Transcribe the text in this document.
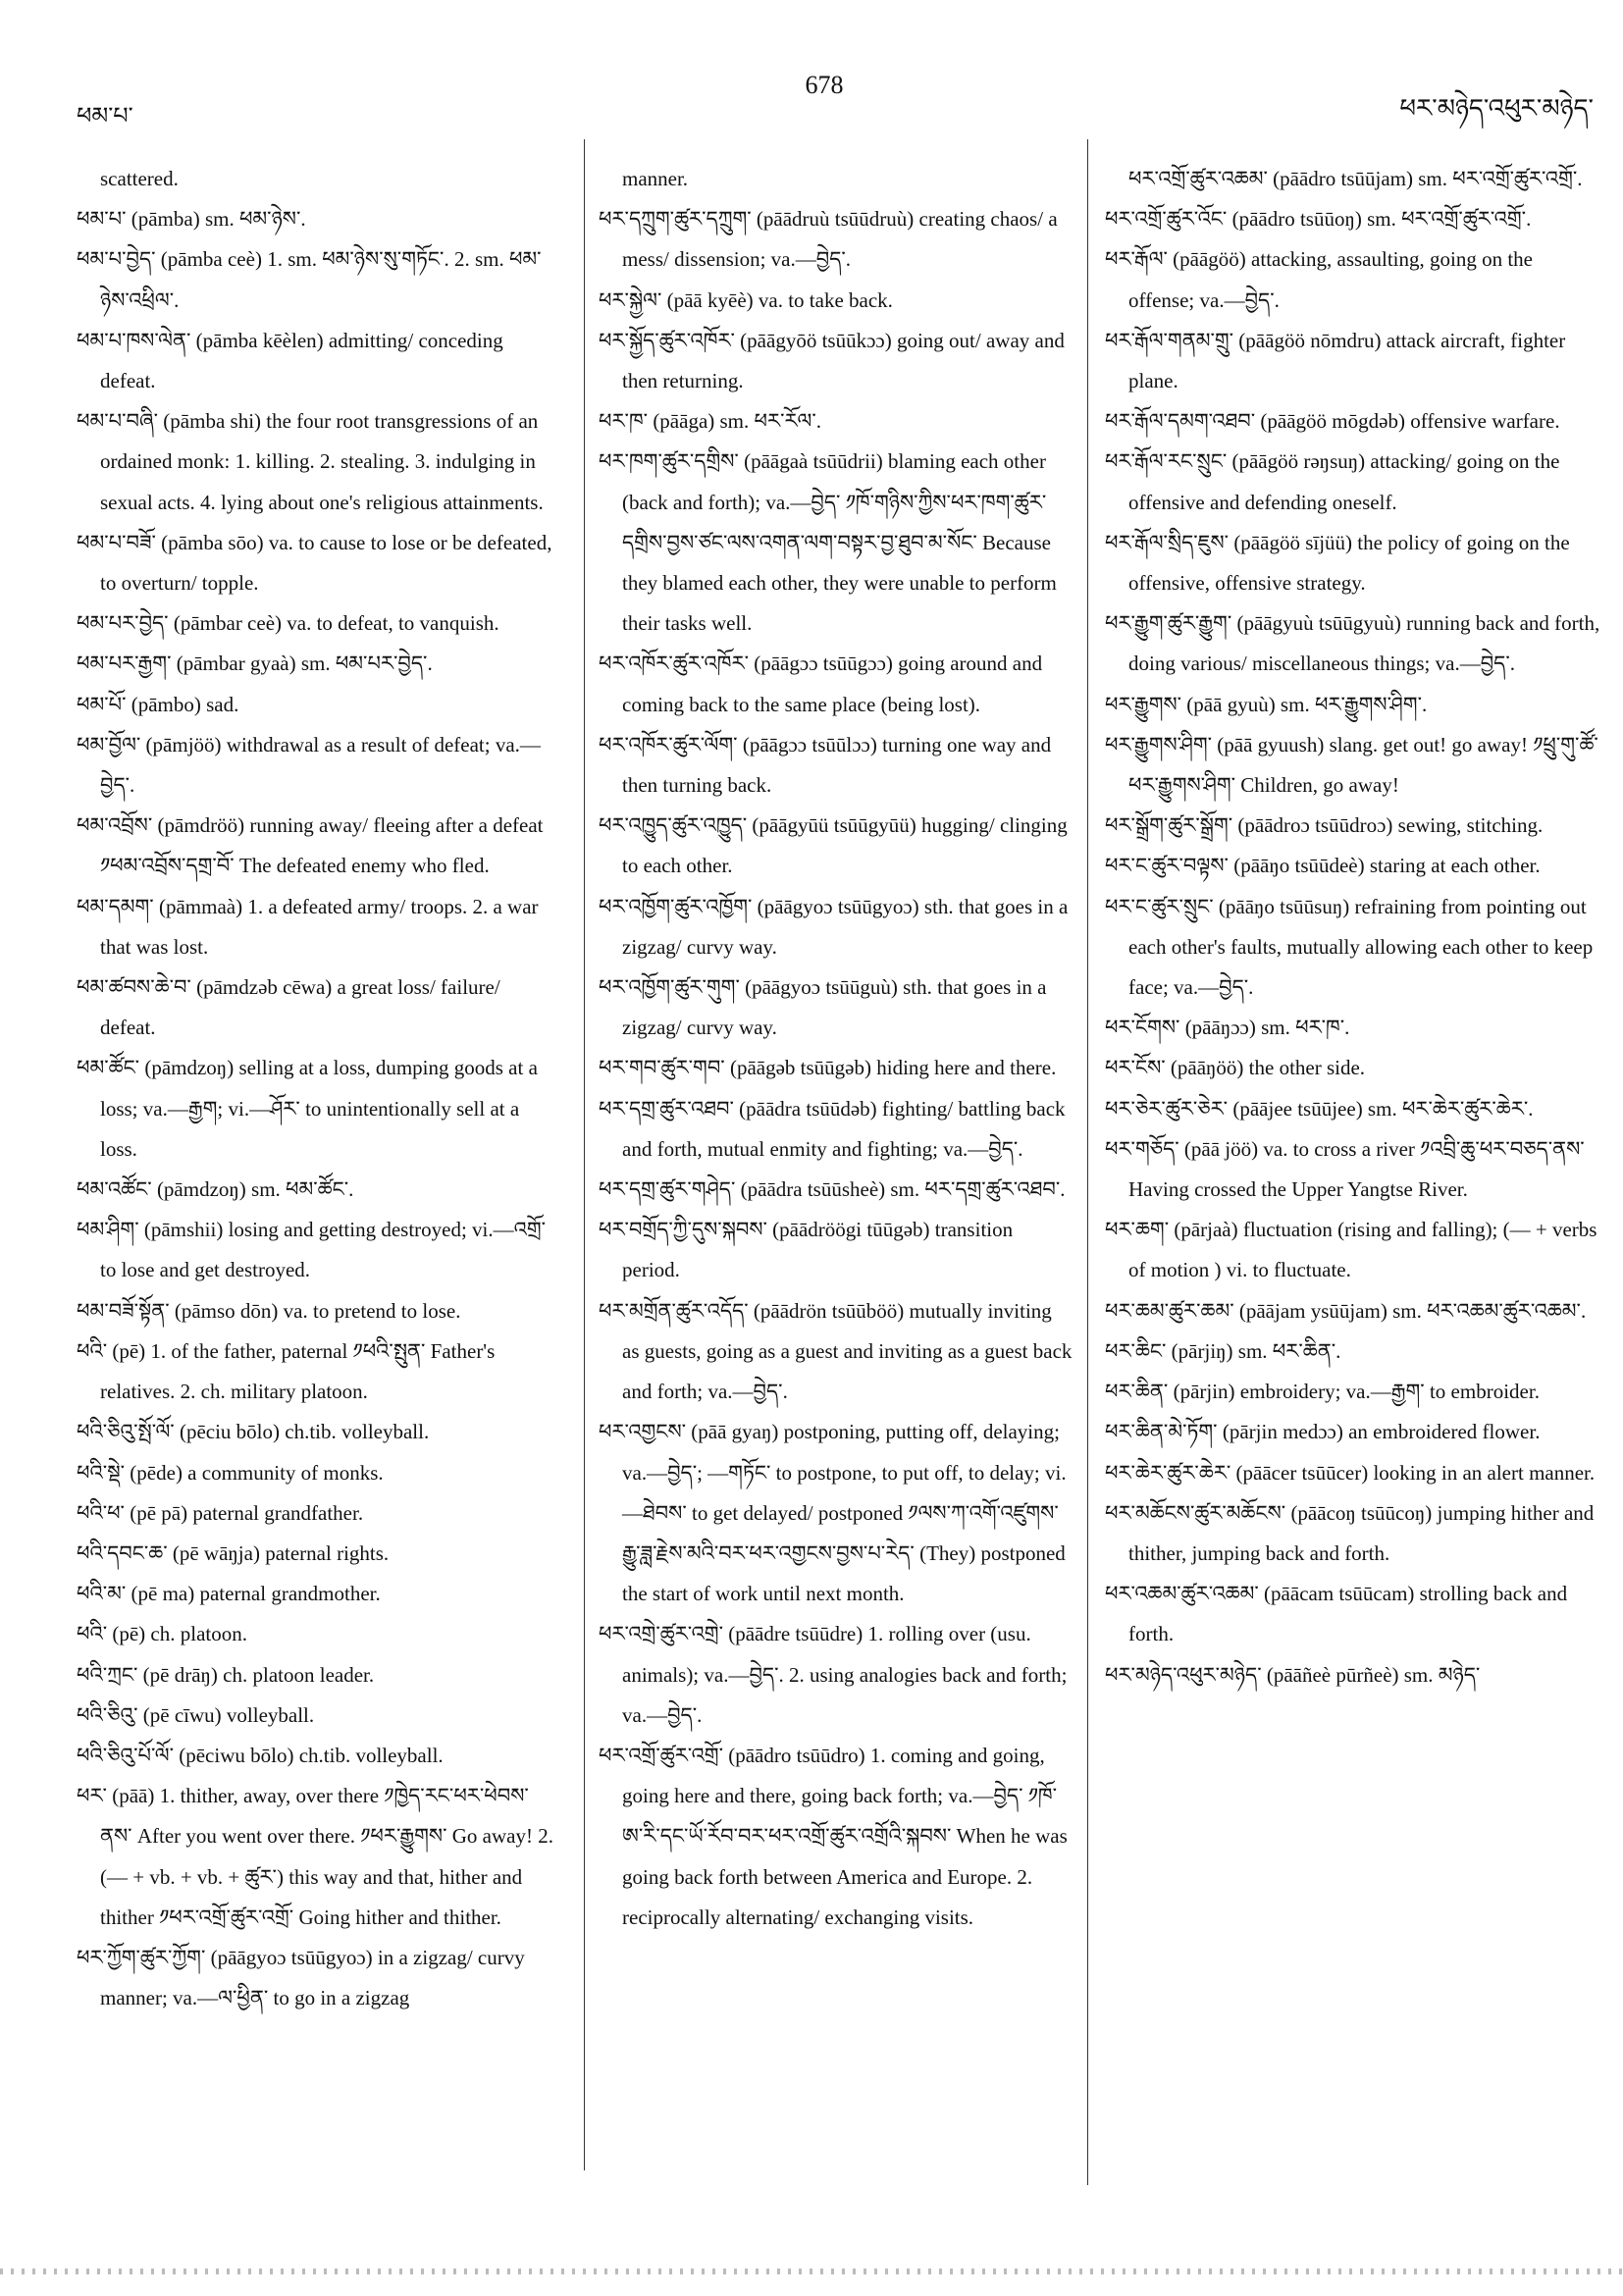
ཕམ་པ་
678
ཕར་མཉེད་འཕུར་མཉེད་

scattered.

ཕམ་པ་ (pāmba) sm. ཕམ་ཉེས་.

ཕམ་པ་བྱེད་ (pāmba ceè) 1. sm. ཕམ་ཉེས་སུ་གཏོང་. 2. sm. ཕམ་ཉེས་འཕྲིལ་.

ཕམ་པ་ཁས་ལེན་ (pāmba kēèlen) admitting/ conceding defeat.

ཕམ་པ་བཞི་ (pāmba shi) the four root transgressions of an ordained monk: 1. killing. 2. stealing. 3. indulging in sexual acts. 4. lying about one's religious attainments.

ཕམ་པ་བཟོ་ (pāmba sōo) va. to cause to lose or be defeated, to overturn/ topple.

ཕམ་པར་བྱེད་ (pāmbar ceè) va. to defeat, to vanquish.

ཕམ་པར་རྒྱག་ (pāmbar gyaà) sm. ཕམ་པར་བྱེད་.

ཕམ་པོ་ (pāmbo) sad.

ཕམ་བྱོལ་ (pāmjöö) withdrawal as a result of defeat; va.—བྱེད་.

ཕམ་འབྲོས་ (pāmdröö) running away/ fleeing after a defeat ༡ཕམ་འབྲོས་དགྲ་བོ་ The defeated enemy who fled.

ཕམ་དམག་ (pāmmaà) 1. a defeated army/ troops. 2. a war that was lost.

ཕམ་ཚབས་ཆེ་བ་ (pāmdzəb cēwa) a great loss/ failure/ defeat.

ཕམ་ཚོང་ (pāmdzoŋ) selling at a loss, dumping goods at a loss; va.—རྒྱག; vi.—ཤོར་ to unintentionally sell at a loss.

ཕམ་འཚོང་ (pāmdzoŋ) sm. ཕམ་ཚོང་.

ཕམ་ཤིག་ (pāmshii) losing and getting destroyed; vi.—འགྲོ་ to lose and get destroyed.

ཕམ་བཟོ་སྟོན་ (pāmso dōn) va. to pretend to lose.

ཕའི་ (pē) 1. of the father, paternal ༡ཕའི་སྤུན་ Father's relatives. 2. ch. military platoon.

ཕའི་ཅིའུ་སྤོ་ལོ་ (pēciu bōlo) ch.tib. volleyball.

ཕའི་སྡེ་ (pēde) a community of monks.

ཕའི་ཕ་ (pē pā) paternal grandfather.

ཕའི་དབང་ཆ་ (pē wāŋja) paternal rights.

ཕའི་མ་ (pē ma) paternal grandmother.

ཕའི་ (pē) ch. platoon.

ཕའི་ཀྲང་ (pē drāŋ) ch. platoon leader.

ཕའི་ཅིའུ་ (pē cīwu) volleyball.

ཕའི་ཅིའུ་པོ་ལོ་ (pēciwu bōlo) ch.tib. volleyball.

ཕར་ (pāā) 1. thither, away, over there ༡ཁྱེད་རང་ཕར་ཕེབས་ནས་ After you went over there. ༡ཕར་རྒྱུགས་ Go away! 2. (— + vb. + vb. + ཚུར་) this way and that, hither and thither ༡ཕར་འགྲོ་ཚུར་འགྲོ་ Going hither and thither.

ཕར་ཀྱོག་ཚུར་ཀྱོག་ (pāāgyoɔ tsūūgyoɔ) in a zigzag/ curvy manner; va.—ལ་ཕྱིན་ to go in a zigzag

manner.

ཕར་དཀྲུག་ཚུར་དཀྲུག་ (pāādruù tsūūdruù) creating chaos/ a mess/ dissension; va.—བྱེད་.

ཕར་སྐྱེལ་ (pāā kyēè) va. to take back.

ཕར་སྐྱོད་ཚུར་འཁོར་ (pāāgyōö tsūūkɔɔ) going out/ away and then returning.

ཕར་ཁ་ (pāāga) sm. ཕར་རོལ་.

ཕར་ཁག་ཚུར་དགྲིས་ (pāāgaà tsūūdrii) blaming each other (back and forth); va.—བྱེད་ ༡ཁོ་གཉིས་ཀྱིས་ཕར་ཁག་ཚུར་དགྲིས་བྱས་ཙང་ལས་འགན་ལག་བསྟར་བྱ་ཐུབ་མ་སོང་ Because they blamed each other, they were unable to perform their tasks well.

ཕར་འཁོར་ཚུར་འཁོར་ (pāāgɔɔ tsūūgɔɔ) going around and coming back to the same place (being lost).

ཕར་འཁོར་ཚུར་ལོག་ (pāāgɔɔ tsūūlɔɔ) turning one way and then turning back.

ཕར་འཁྱུད་ཚུར་འཁྱུད་ (pāāgyūü tsūūgyūü) hugging/ clinging to each other.

ཕར་འཁྱོག་ཚུར་འཁྱོག་ (pāāgyoɔ tsūūgyoɔ) sth. that goes in a zigzag/ curvy way.

ཕར་འཁྱོག་ཚུར་གུག་ (pāāgyoɔ tsūūguù) sth. that goes in a zigzag/ curvy way.

ཕར་གབ་ཚུར་གབ་ (pāāgəb tsūūgəb) hiding here and there.

ཕར་དགྲ་ཚུར་འཐབ་ (pāādra tsūūdəb) fighting/ battling back and forth, mutual enmity and fighting; va.—བྱེད་.

ཕར་དགྲ་ཚུར་གཤེད་ (pāādra tsūūsheè) sm. ཕར་དགྲ་ཚུར་འཐབ་.

ཕར་བགྲོད་ཀྱི་དུས་སྐབས་ (pāādröögi tūūgəb) transition period.

ཕར་མགྲོན་ཚུར་འདོད་ (pāādrön tsūūböö) mutually inviting as guests, going as a guest and inviting as a guest back and forth; va.—བྱེད་.

ཕར་འགྱངས་ (pāā gyaŋ) postponing, putting off, delaying; va.—བྱེད་; —གཏོང་ to postpone, to put off, to delay; vi.—ཐེབས་ to get delayed/ postponed ༡ལས་ཀ་འགོ་འཛུགས་རྒྱུ་ཟླ་རྗེས་མའི་བར་ཕར་འགྱངས་བྱས་པ་རེད་ (They) postponed the start of work until next month.

ཕར་འགྲེ་ཚུར་འགྲེ་ (pāādre tsūūdre) 1. rolling over (usu. animals); va.—བྱེད་. 2. using analogies back and forth; va.—བྱེད་.

ཕར་འགྲོ་ཚུར་འགྲོ་ (pāādro tsūūdro) 1. coming and going, going here and there, going back forth; va.—བྱེད་ ༡ཁོ་ཨ་རི་དང་ཡོ་རོབ་བར་ཕར་འགྲོ་ཚུར་འགྲོའི་སྐབས་ When he was going back forth between America and Europe. 2. reciprocally alternating/ exchanging visits.

ཕར་འགྲོ་ཚུར་འཆམ་ (pāādro tsūūjam) sm. ཕར་འགྲོ་ཚུར་འགྲོ་.

ཕར་འགྲོ་ཚུར་འོང་ (pāādro tsūūoŋ) sm. ཕར་འགྲོ་ཚུར་འགྲོ་.

ཕར་རྒོལ་ (pāāgöö) attacking, assaulting, going on the offense; va.—བྱེད་.

ཕར་རྒོལ་གནམ་གྲུ་ (pāāgöö nōmdru) attack aircraft, fighter plane.

ཕར་རྒོལ་དམག་འཐབ་ (pāāgöö mōgdəb) offensive warfare.

ཕར་རྒོལ་རང་སྲུང་ (pāāgöö rəŋsuŋ) attacking/ going on the offensive and defending oneself.

ཕར་རྒོལ་སྲིད་ཇུས་ (pāāgöö sījüü) the policy of going on the offensive, offensive strategy.

ཕར་རྒྱུག་ཚུར་རྒྱུག་ (pāāgyuù tsūūgyuù) running back and forth, doing various/ miscellaneous things; va.—བྱེད་.

ཕར་རྒྱུགས་ (pāā gyuù) sm. ཕར་རྒྱུགས་ཤིག་.

ཕར་རྒྱུགས་ཤིག་ (pāā gyuush) slang. get out! go away! ༡ཕྲུ་གུ་ཚོ་ཕར་རྒྱུགས་ཤིག་ Children, go away!

ཕར་སྒྲོག་ཚུར་སྒྲོག་ (pāādroɔ tsūūdroɔ) sewing, stitching.

ཕར་ང་ཚུར་བལྟས་ (pāāŋo tsūūdeè) staring at each other.

ཕར་ང་ཚུར་སྲུང་ (pāāŋo tsūūsuŋ) refraining from pointing out each other's faults, mutually allowing each other to keep face; va.—བྱེད་.

ཕར་ངོགས་ (pāāŋɔɔ) sm. ཕར་ཁ་.

ཕར་ངོས་ (pāāŋöö) the other side.

ཕར་ཅེར་ཚུར་ཅེར་ (pāājee tsūūjee) sm. ཕར་ཆེར་ཚུར་ཆེར་.

ཕར་གཅོད་ (pāā jöö) va. to cross a river ༡འབྲི་ཆུ་ཕར་བཅད་ནས་ Having crossed the Upper Yangtse River.

ཕར་ཆག་ (pārjaà) fluctuation (rising and falling); (— + verbs of motion ) vi. to fluctuate.

ཕར་ཆམ་ཚུར་ཆམ་ (pāājam ysūūjam) sm. ཕར་འཆམ་ཚུར་འཆམ་.

ཕར་ཆིང་ (pārjiŋ) sm. ཕར་ཆིན་.

ཕར་ཆིན་ (pārjin) embroidery; va.—རྒྱག་ to embroider.

ཕར་ཆིན་མེ་ཏོག་ (pārjin medɔɔ) an embroidered flower.

ཕར་ཆེར་ཚུར་ཆེར་ (pāācer tsūūcer) looking in an alert manner.

ཕར་མཆོངས་ཚུར་མཆོངས་ (pāācoŋ tsūūcoŋ) jumping hither and thither, jumping back and forth.

ཕར་འཆམ་ཚུར་འཆམ་ (pāācam tsūūcam) strolling back and forth.

ཕར་མཉེད་འཕུར་མཉེད་ (pāāñeè pūrñeè) sm. མཉེད་
